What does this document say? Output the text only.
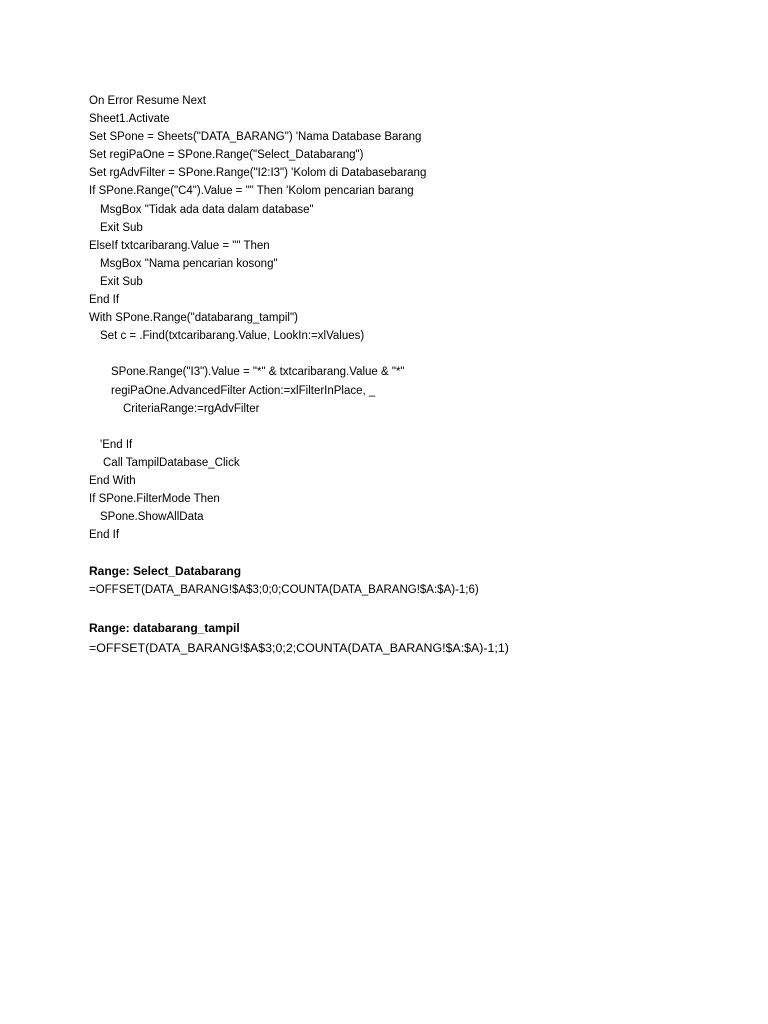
On Error Resume Next
Sheet1.Activate
Set SPone = Sheets("DATA_BARANG") 'Nama Database Barang
Set regiPaOne = SPone.Range("Select_Databarang")
Set rgAdvFilter = SPone.Range("I2:I3") 'Kolom di Databasebarang
If SPone.Range("C4").Value = "" Then 'Kolom pencarian barang
MsgBox "Tidak ada data dalam database"
Exit Sub
ElseIf txtcaribarang.Value = "" Then
MsgBox "Nama pencarian kosong"
Exit Sub
End If
With SPone.Range("databarang_tampil")
Set c = .Find(txtcaribarang.Value, LookIn:=xlValues)
SPone.Range("I3").Value = "*" & txtcaribarang.Value & "*"
regiPaOne.AdvancedFilter Action:=xlFilterInPlace, _
CriteriaRange:=rgAdvFilter
'End If
Call TampilDatabase_Click
End With
If SPone.FilterMode Then
SPone.ShowAllData
End If
Range: Select_Databarang
=OFFSET(DATA_BARANG!$A$3;0;0;COUNTA(DATA_BARANG!$A:$A)-1;6)
Range: databarang_tampil
=OFFSET(DATA_BARANG!$A$3;0;2;COUNTA(DATA_BARANG!$A:$A)-1;1)
